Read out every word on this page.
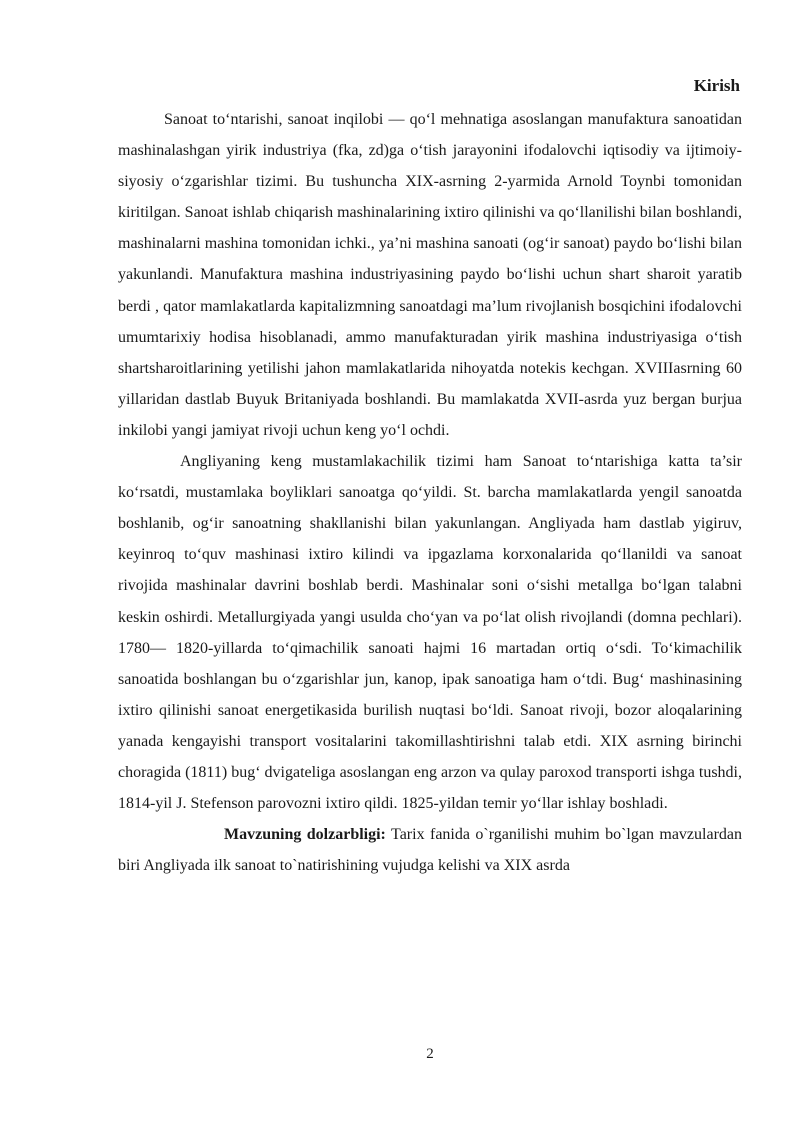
Kirish

Sanoat to‘ntarishi, sanoat inqilobi — qo‘l mehnatiga asoslangan manufaktura sanoatidan mashinalashgan yirik industriya (fka, zd)ga o‘tish jarayonini ifodalovchi iqtisodiy va ijtimoiy-siyosiy o‘zgarishlar tizimi. Bu tushuncha XIX-asrning 2-yarmida Arnold Toynbi tomonidan kiritilgan. Sanoat ishlab chiqarish mashinalarining ixtiro qilinishi va qo‘llanilishi bilan boshlandi, mashinalarni mashina tomonidan ichki., ya’ni mashina sanoati (og‘ir sanoat) paydo bo‘lishi bilan yakunlandi. Manufaktura mashina industriyasining paydo bo‘lishi uchun shart sharoit yaratib berdi , qator mamlakatlarda kapitalizmning sanoatdagi ma’lum rivojlanish bosqichini ifodalovchi umumtarixiy hodisa hisoblanadi, ammo manufakturadan yirik mashina industriyasiga o‘tish shartsharoitlarining yetilishi jahon mamlakatlarida nihoyatda notekis kechgan. XVIIIasrning 60 yillaridan dastlab Buyuk Britaniyada boshlandi. Bu mamlakatda XVII-asrda yuz bergan burjua inkilobi yangi jamiyat rivoji uchun keng yo‘l ochdi.

Angliyaning keng mustamlakachilik tizimi ham Sanoat to‘ntarishiga katta ta’sir ko‘rsatdi, mustamlaka boyliklari sanoatga qo‘yildi. St. barcha mamlakatlarda yengil sanoatda boshlanib, og‘ir sanoatning shakllanishi bilan yakunlangan. Angliyada ham dastlab yigiruv, keyinroq to‘quv mashinasi ixtiro kilindi va ipgazlama korxonalarida qo‘llanildi va sanoat rivojida mashinalar davrini boshlab berdi. Mashinalar soni o‘sishi metallga bo‘lgan talabni keskin oshirdi. Metallurgiyada yangi usulda cho‘yan va po‘lat olish rivojlandi (domna pechlari). 1780— 1820-yillarda to‘qimachilik sanoati hajmi 16 martadan ortiq o‘sdi. To‘kimachilik sanoatida boshlangan bu o‘zgarishlar jun, kanop, ipak sanoatiga ham o‘tdi. Bug‘ mashinasining ixtiro qilinishi sanoat energetikasida burilish nuqtasi bo‘ldi. Sanoat rivoji, bozor aloqalarining yanada kengayishi transport vositalarini takomillashtirishni talab etdi. XIX asrning birinchi choragida (1811) bug‘ dvigateliga asoslangan eng arzon va qulay paroxod transporti ishga tushdi, 1814-yil J. Stefenson parovozni ixtiro qildi. 1825-yildan temir yo‘llar ishlay boshladi.

Mavzuning dolzarbligi: Tarix fanida o`rganilishi muhim bo`lgan mavzulardan biri Angliyada ilk sanoat to`natirishining vujudga kelishi va XIX asrda

2
